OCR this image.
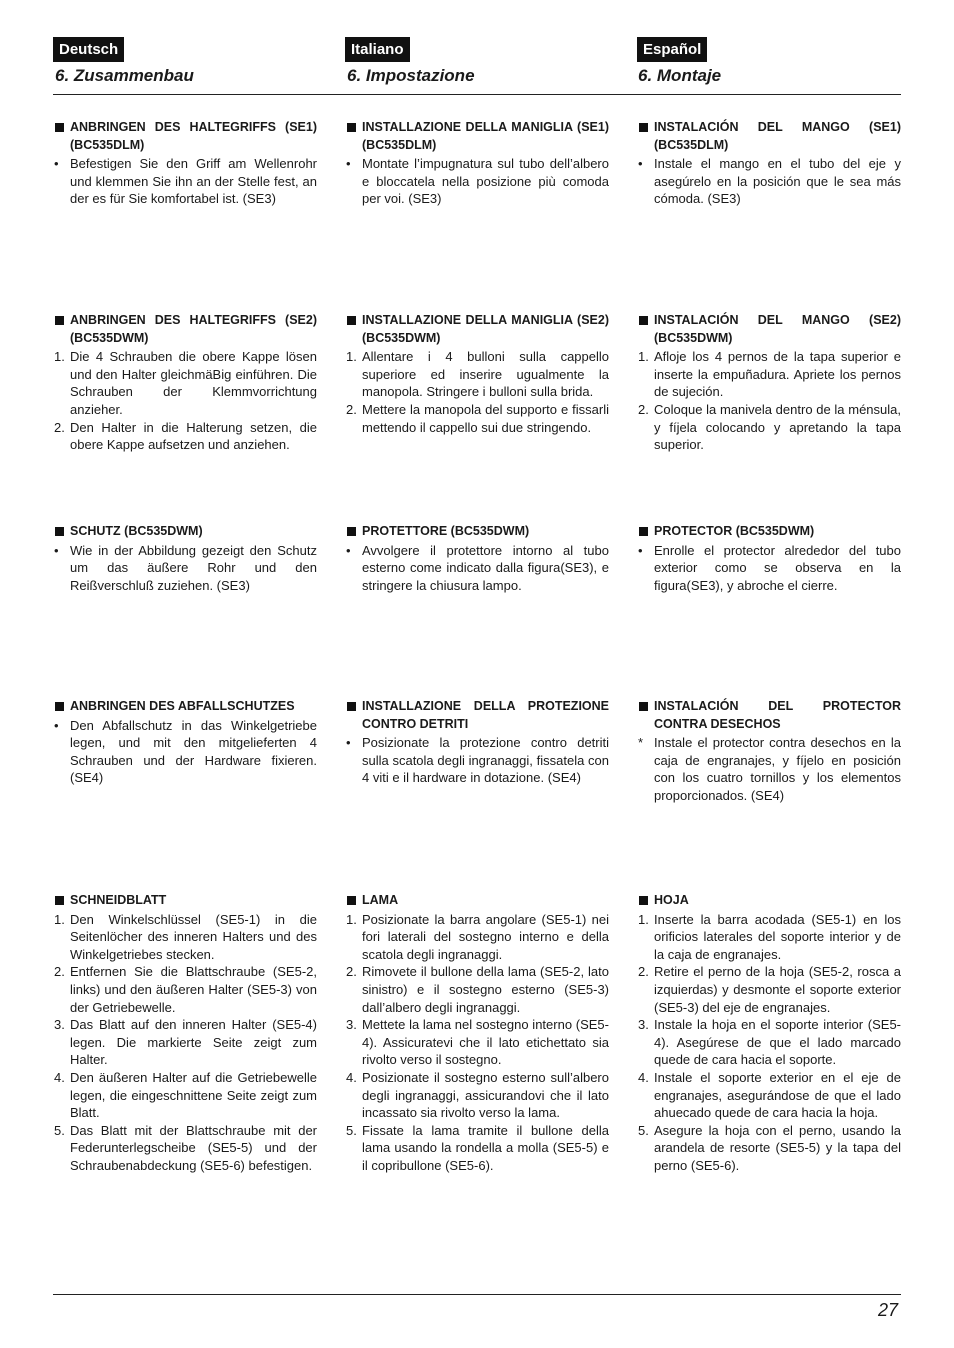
Deutsch	Italiano	Español
6. Zusammenbau	6. Impostazione	6. Montaje
ANBRINGEN DES HALTEGRIFFS (SE1) (BC535DLM)
• Befestigen Sie den Griff am Wellenrohr und klemmen Sie ihn an der Stelle fest, an der es für Sie komfortabel ist. (SE3)
ANBRINGEN DES HALTEGRIFFS (SE2) (BC535DWM)
1. Die 4 Schrauben die obere Kappe lösen und den Halter gleichmäBig einführen. Die Schrauben der Klemmvorrichtung anzieher.
2. Den Halter in die Halterung setzen, die obere Kappe aufsetzen und anziehen.
SCHUTZ (BC535DWM)
• Wie in der Abbildung gezeigt den Schutz um das äußere Rohr und den Reißverschluß zuziehen. (SE3)
ANBRINGEN DES ABFALLSCHUTZES
• Den Abfallschutz in das Winkelgetriebe legen, und mit den mitgelieferten 4 Schrauben und der Hardware fixieren. (SE4)
SCHNEIDBLATT
1. Den Winkelschlüssel (SE5-1) in die Seitenlöcher des inneren Halters und des Winkelgetriebes stecken.
2. Entfernen Sie die Blattschraube (SE5-2, links) und den äußeren Halter (SE5-3) von der Getriebewelle.
3. Das Blatt auf den inneren Halter (SE5-4) legen. Die markierte Seite zeigt zum Halter.
4. Den äußeren Halter auf die Getriebewelle legen, die eingeschnittene Seite zeigt zum Blatt.
5. Das Blatt mit der Blattschraube mit der Federunterlegscheibe (SE5-5) und der Schraubenabdeckung (SE5-6) befestigen.
INSTALLAZIONE DELLA MANIGLIA (SE1) (BC535DLM)
• Montate l’impugnatura sul tubo dell’albero e bloccatela nella posizione più comoda per voi. (SE3)
INSTALLAZIONE DELLA MANIGLIA (SE2) (BC535DWM)
1. Allentare i 4 bulloni sulla cappello superiore ed inserire ugualmente la manopola. Stringere i bulloni sulla brida.
2. Mettere la manopola del supporto e fissarli mettendo il cappello sui due stringendo.
PROTETTORE (BC535DWM)
• Avvolgere il protettore intorno al tubo esterno come indicato dalla figura(SE3), e stringere la chiusura lampo.
INSTALLAZIONE DELLA PROTEZIONE CONTRO DETRITI
• Posizionate la protezione contro detriti sulla scatola degli ingranaggi, fissatela con 4 viti e il hardware in dotazione. (SE4)
LAMA
1. Posizionate la barra angolare (SE5-1) nei fori laterali del sostegno interno e della scatola degli ingranaggi.
2. Rimovete il bullone della lama (SE5-2, lato sinistro) e il sostegno esterno (SE5-3) dall’albero degli ingranaggi.
3. Mettete la lama nel sostegno interno (SE5-4). Assicuratevi che il lato etichettato sia rivolto verso il sostegno.
4. Posizionate il sostegno esterno sull’albero degli ingranaggi, assicurandovi che il lato incassato sia rivolto verso la lama.
5. Fissate la lama tramite il bullone della lama usando la rondella a molla (SE5-5) e il copribullone (SE5-6).
INSTALACIÓN DEL MANGO (SE1) (BC535DLM)
• Instale el mango en el tubo del eje y asegúrelo en la posición que le sea más cómoda. (SE3)
INSTALACIÓN DEL MANGO (SE2) (BC535DWM)
1. Afloje los 4 pernos de la tapa superior e inserte la empuñadura. Apriete los pernos de sujeción.
2. Coloque la manivela dentro de la ménsula, y fíjela colocando y apretando la tapa superior.
PROTECTOR (BC535DWM)
• Enrolle el protector alrededor del tubo exterior como se observa en la figura(SE3), y abroche el cierre.
INSTALACIÓN DEL PROTECTOR CONTRA DESECHOS
* Instale el protector contra desechos en la caja de engranajes, y fíjelo en posición con los cuatro tornillos y los elementos proporcionados. (SE4)
HOJA
1. Inserte la barra acodada (SE5-1) en los orificios laterales del soporte interior y de la caja de engranajes.
2. Retire el perno de la hoja (SE5-2, rosca a izquierdas) y desmonte el soporte exterior (SE5-3) del eje de engranajes.
3. Instale la hoja en el soporte interior (SE5-4). Asegúrese de que el lado marcado quede de cara hacia el soporte.
4. Instale el soporte exterior en el eje de engranajes, asegurándose de que el lado ahuecado quede de cara hacia la hoja.
5. Asegure la hoja con el perno, usando la arandela de resorte (SE5-5) y la tapa del perno (SE5-6).
27
